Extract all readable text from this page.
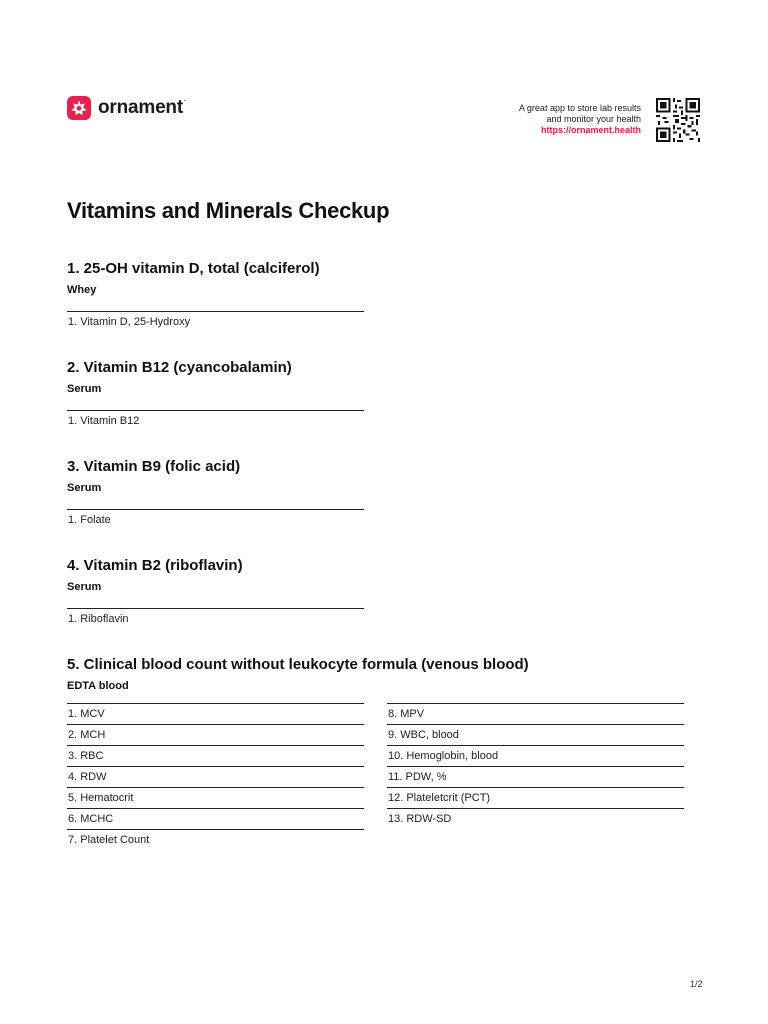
ornament.
A great app to store lab results
and monitor your health
https://ornament.health
Vitamins and Minerals Checkup
1. 25-OH vitamin D, total (calciferol)
Whey
1. Vitamin D, 25-Hydroxy
2. Vitamin B12 (cyancobalamin)
Serum
1. Vitamin B12
3. Vitamin B9 (folic acid)
Serum
1. Folate
4. Vitamin B2 (riboflavin)
Serum
1. Riboflavin
5. Clinical blood count without leukocyte formula (venous blood)
EDTA blood
1. MCV
2. MCH
3. RBC
4. RDW
5. Hematocrit
6. MCHC
7. Platelet Count
8. MPV
9. WBC, blood
10. Hemoglobin, blood
11. PDW, %
12. Plateletcrit (PCT)
13. RDW-SD
1/2
